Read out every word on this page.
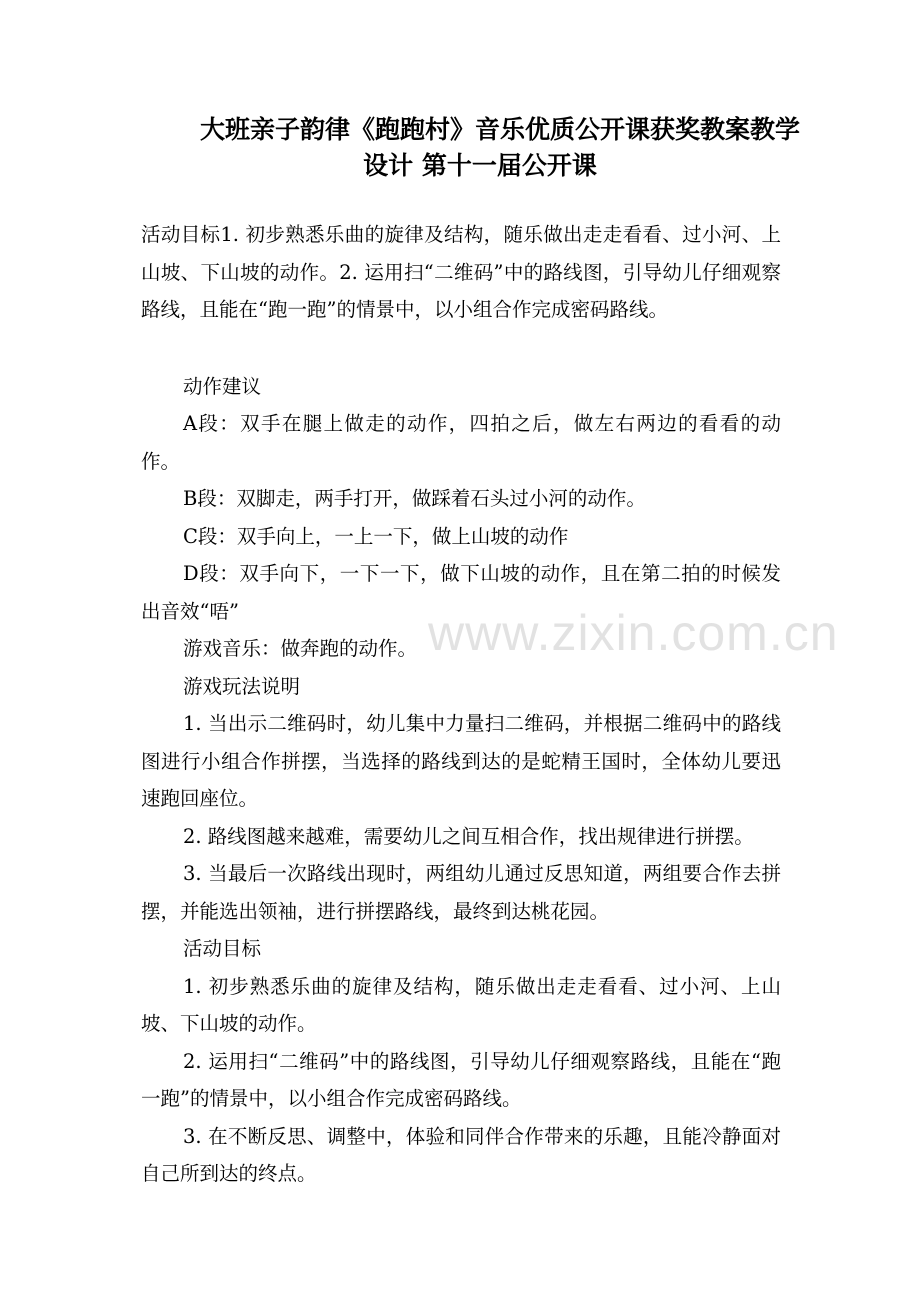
大班亲子韵律《跑跑村》音乐优质公开课获奖教案教学
设计 第十一届公开课

活动目标1. 初步熟悉乐曲的旋律及结构，随乐做出走走看看、过小河、上山坡、下山坡的动作。2. 运用扫“二维码”中的路线图，引导幼儿仔细观察路线，且能在“跑一跑”的情景中，以小组合作完成密码路线。

动作建议

A段：双手在腿上做走的动作，四拍之后，做左右两边的看看的动作。

B段：双脚走，两手打开，做踩着石头过小河的动作。

C段：双手向上，一上一下，做上山坡的动作

D段：双手向下，一下一下，做下山坡的动作，且在第二拍的时候发出音效“唔”

游戏音乐：做奔跑的动作。

游戏玩法说明

1. 当出示二维码时，幼儿集中力量扫二维码，并根据二维码中的路线图进行小组合作拼摆，当选择的路线到达的是蛇精王国时，全体幼儿要迅速跑回座位。

2. 路线图越来越难，需要幼儿之间互相合作，找出规律进行拼摆。

3. 当最后一次路线出现时，两组幼儿通过反思知道，两组要合作去拼摆，并能选出领袖，进行拼摆路线，最终到达桃花园。

活动目标

1. 初步熟悉乐曲的旋律及结构，随乐做出走走看看、过小河、上山坡、下山坡的动作。

2. 运用扫“二维码”中的路线图，引导幼儿仔细观察路线，且能在“跑一跑”的情景中，以小组合作完成密码路线。

3. 在不断反思、调整中，体验和同伴合作带来的乐趣，且能冷静面对自己所到达的终点。

www.zixin.com.cn
